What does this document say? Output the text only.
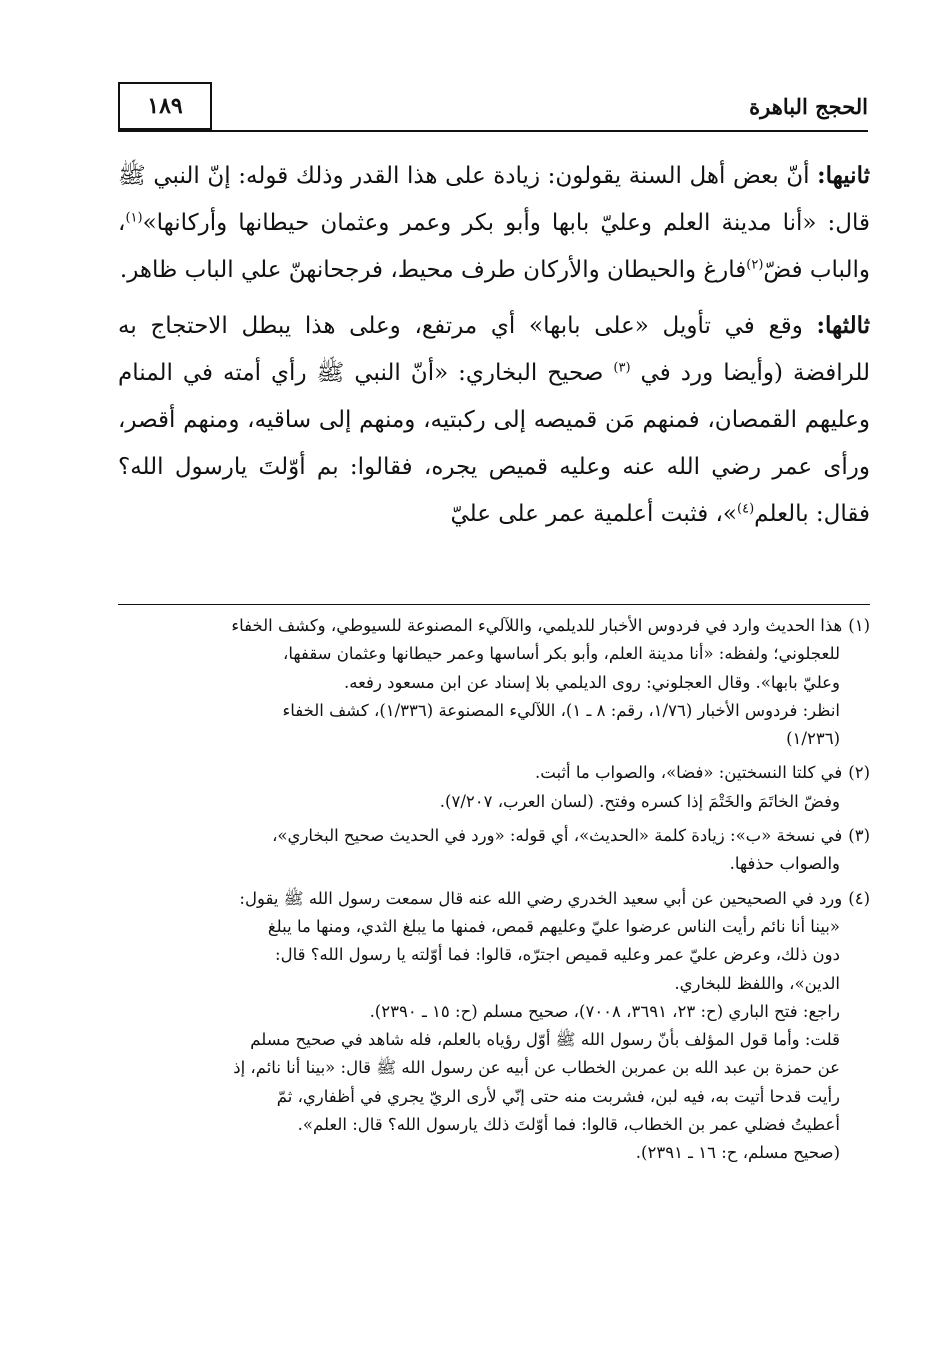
الحجج الباهرة
١٨٩

ثانيها: أنّ بعض أهل السنة يقولون: زيادة على هذا القدر وذلك قوله: إنّ النبي ﷺ قال: «أنا مدينة العلم وعليّ بابها وأبو بكر وعمر وعثمان حيطانها وأركانها»$^{(١)}$، والباب فضّ$^{(٢)}$فارغ والحيطان والأركان طرف محيط، فرجحانهنّ علي الباب ظاهر.

ثالثها: وقع في تأويل «على بابها» أي مرتفع، وعلى هذا يبطل الاحتجاج به للرافضة (وأيضا ورد في $^{(٣)}$ صحيح البخاري: «أنّ النبي ﷺ رأي أمته في المنام وعليهم القمصان، فمنهم مَن قميصه إلى ركبتيه، ومنهم إلى ساقيه، ومنهم أقصر، ورأى عمر رضي الله عنه وعليه قميص يجره، فقالوا: بم أوّلتَ يارسول الله؟ فقال: بالعلم$^{(٤)}$»، فثبت أعلمية عمر على عليّ

(١)هذا الحديث وارد في فردوس الأخبار للديلمي، واللآليء المصنوعة للسيوطي، وكشف الخفاء
للعجلوني؛ ولفظه: «أنا مدينة العلم، وأبو بكر أساسها وعمر حيطانها وعثمان سقفها،
وعليّ بابها». وقال العجلوني: روى الديلمي بلا إسناد عن ابن مسعود رفعه.
انظر: فردوس الأخبار (١/٧٦، رقم: ٨ ـ ١)، اللآليء المصنوعة (١/٣٣٦)، كشف الخفاء
(١/٢٣٦)
(٢)في كلتا النسختين: «فضا»، والصواب ما أثبت.
وفضّ الخاتَمَ والخَتْمَ إذا كسره وفتح. (لسان العرب، ٧/٢٠٧).
(٣)في نسخة «ب»: زيادة كلمة «الحديث»، أي قوله: «ورد في الحديث صحيح البخاري»،
والصواب حذفها.
(٤)ورد في الصحيحين عن أبي سعيد الخدري رضي الله عنه قال سمعت رسول الله ﷺ يقول:
«بينا أنا نائم رأيت الناس عرضوا عليّ وعليهم قمص، فمنها ما يبلغ الثدي، ومنها ما يبلغ
دون ذلك، وعرض عليّ عمر وعليه قميص اجترّه، قالوا: فما أوّلته يا رسول الله؟ قال:
الدين»، واللفظ للبخاري.
راجع: فتح الباري (ح: ٢٣، ٣٦٩١، ٧٠٠٨)، صحيح مسلم (ح: ١٥ ـ ٢٣٩٠).
قلت: وأما قول المؤلف بأنّ رسول الله ﷺ أوّل رؤياه بالعلم، فله شاهد في صحيح مسلم
عن حمزة بن عبد الله بن عمربن الخطاب عن أبيه عن رسول الله ﷺ قال: «بينا أنا نائم، إذ
رأيت قدحا أتيت به، فيه لبن، فشربت منه حتى إنّي لأرى الريّ يجري في أظفاري، ثمّ
أعطيتُ فضلي عمر بن الخطاب، قالوا: فما أوّلتَ ذلك يارسول الله؟ قال: العلم».
(صحيح مسلم، ح: ١٦ ـ ٢٣٩١).
